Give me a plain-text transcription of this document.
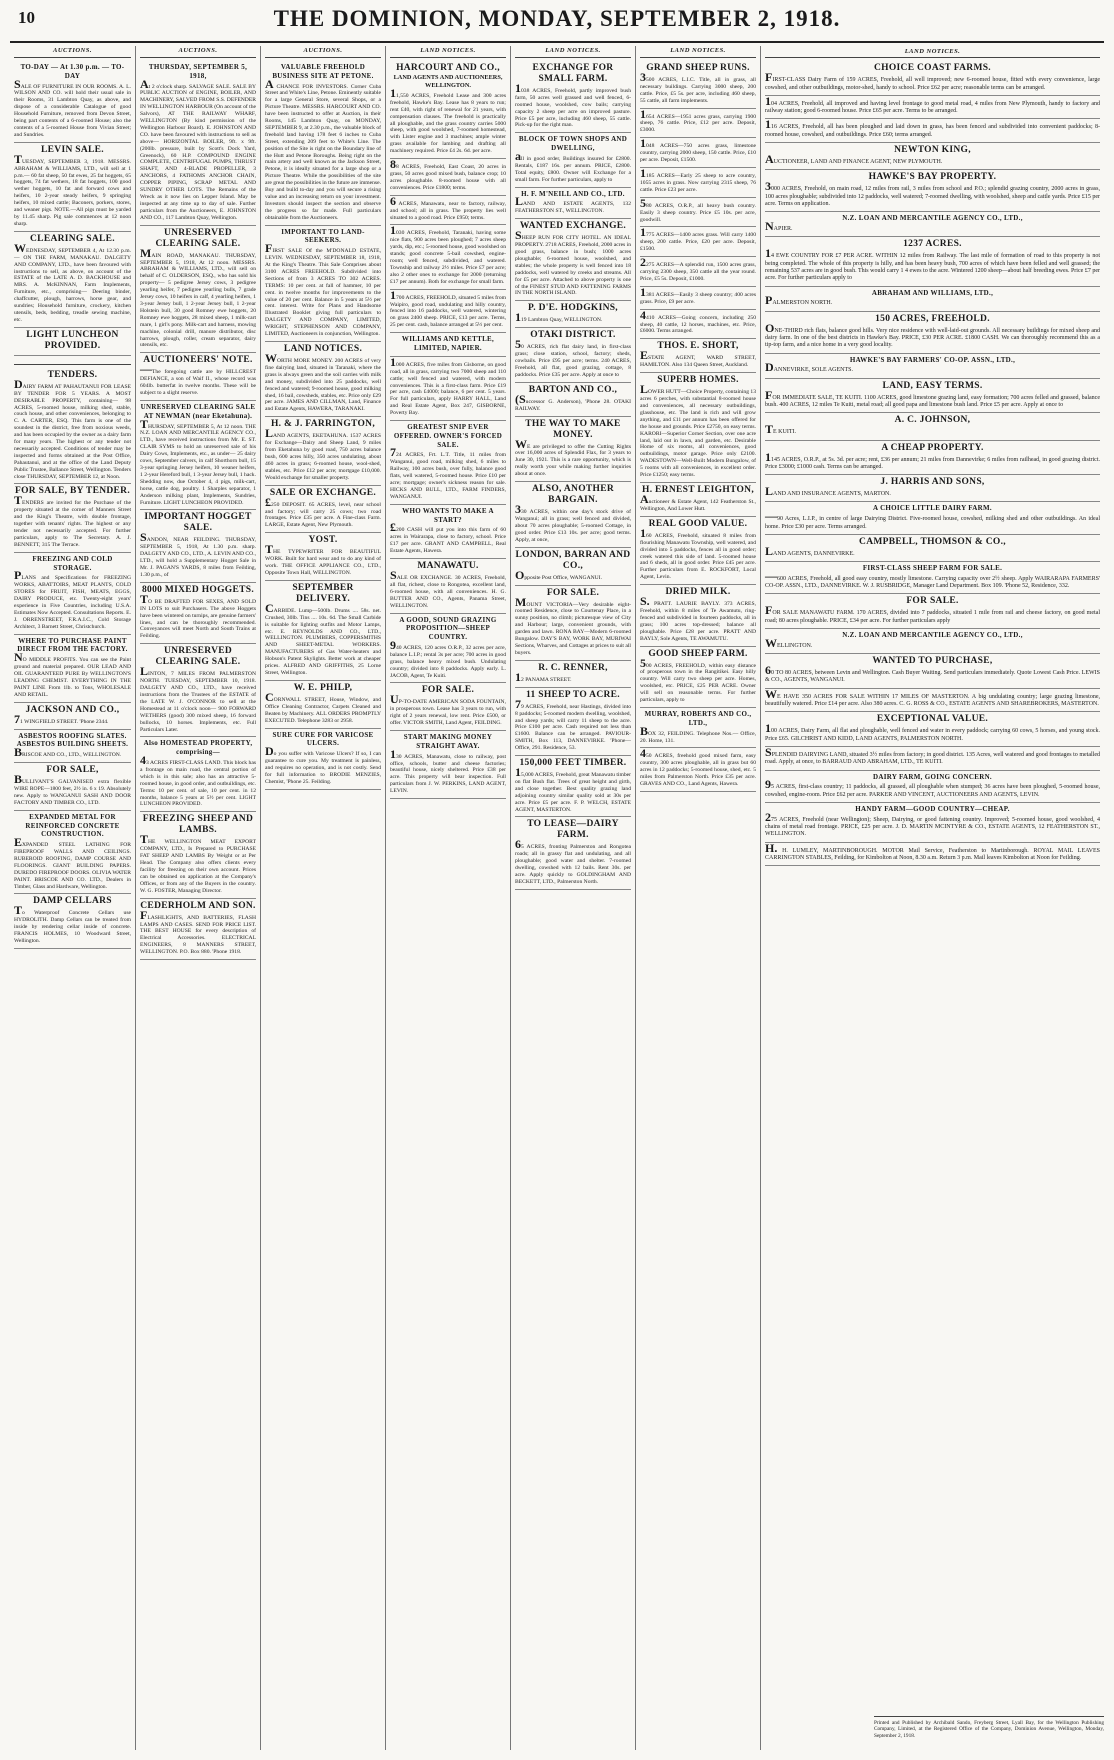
10	THE DOMINION, MONDAY, SEPTEMBER 2, 1918.
AUCTIONS.
TO-DAY — At 1.30 p.m. — TO-DAY
SALE OF FURNITURE IN OUR ROOMS. A. L. WILSON AND CO. will hold their usual sale in their Rooms, 31 Lambton Quay, as above, and dispose of a considerable Catalogue of good Household Furniture, removed from Devon Street, being part contents of a 6-roomed House; also the contents of a 5-roomed House from Vivian Street; and Sundries.
LEVIN SALE.
TUESDAY, SEPTEMBER 3, 1918. MESSRS. ABRAHAM & WILLIAMS, LTD., will sell at 1 p.m.— 60 fat sheep, 50 fat ewes, 25 fat hoggets, 65 hoggets, 74 fat wethers, 18 fat hoggets, 100 good wether hoggets, 10 fat and forward cows and heifers, 10 2-year steady heifers, 9 springing heifers, 10 mixed cattle; Baconers, porkers, stores, and weaner pigs. NOTE.—All pigs must be yarded by 11.45 sharp. Pig sale commences at 12 noon sharp.
CLEARING SALE.
WEDNESDAY, SEPTEMBER 4, At 12.30 p.m. — ON THE FARM, MANAKAU. DALGETY AND COMPANY, LTD., have been favoured with instructions to sell, as above, on account of the ESTATE of the LATE A. D. BACKHOUSE and MRS. A. McKINNAN, Farm Implements, Furniture, etc., comprising— Deering binder, chaffcutter, plough, harrows, horse gear, and sundries; Household furniture, crockery, kitchen utensils, beds, bedding, treadle sewing machine, etc.
LIGHT LUNCHEON PROVIDED.
TENDERS.
DAIRY FARM AT PAHAUTANUI FOR LEASE BY TENDER FOR 5 YEARS. A MOST DESIRABLE PROPERTY, containing— 98 ACRES, 5-roomed house, milking shed, stable, couch house, and other conveniences, belonging to C. A. CARTER, ESQ. This farm is one of the soundest in the district, free from noxious weeds, and has been occupied by the owner as a dairy farm for many years. The highest or any tender not necessarily accepted. Conditions of tender may be inspected and forms obtained at the Post Office, Pahautanui, and at the office of the Land Deputy Public Trustee, Ballance Street, Wellington. Tenders close THURSDAY, SEPTEMBER 12, at Noon.
FOR SALE, BY TENDER.
TENDERS are invited for the Purchase of the property situated at the corner of Manners Street and the King's Theatre, with double frontage, together with tenants' rights. The highest or any tender not necessarily accepted. For further particulars, apply to The Secretary. A. J. BENNETT, 315 The Terrace.
FREEZING AND COLD STORAGE.
PLANS and Specifications for FREEZING WORKS, ABATTOIRS, MEAT PLANTS, COLD STORES for FRUIT, FISH, MEATS, EGGS, DAIRY PRODUCE, etc. Twenty-eight years' experience in Five Countries, including U.S.A. Estimates Now Accepted. Consultations Reports. E. J. ORRENSTREET, F.R.A.I.C., Cold Storage Architect, 3 Barnett Street, Christchurch.
WHERE TO PURCHASE PAINT DIRECT FROM THE FACTORY.
NO MIDDLE PROFITS. You can see the Paint ground and material prepared. OUR LEAD AND OIL GUARANTEED PURE By WELLINGTON'S LEADING CHEMIST. EVERYTHING IN THE PAINT LINE From 1lb. to Tons, WHOLESALE AND RETAIL.
JACKSON AND CO.,
71 WINGFIELD STREET. 'Phone 2344.
ASBESTOS ROOFING SLATES. ASBESTOS BUILDING SHEETS.
BRISCOE AND CO., LTD., WELLINGTON.
FOR SALE,
BULLIVANT'S GALVANISED extra flexible WIRE ROPE—1800 feet, 2½ in. 6 x 19. Absolutely new. Apply to WANGANUI SASH AND DOOR FACTORY AND TIMBER CO., LTD.
EXPANDED METAL FOR REINFORCED CONCRETE CONSTRUCTION.
EXPANDED STEEL LATHING FOR FIREPROOF WALLS AND CEILINGS. RUBEROID ROOFING, DAMP COURSE AND FLOORINGS. GIANT BUILDING PAPERS. DUREDO FIREPROOF DOORS. OLIVIA WATER PAINT. BRISCOE AND CO. LTD., Dealers in Timber, Glass and Hardware, Wellington.
DAMP CELLARS
To Waterproof Concrete Cellars use HYDROLITH. Damp Cellars can be treated from inside by rendering cellar inside of concrete. FRANCIS HOLMES, 10 Woodward Street, Wellington.
AUCTIONS.
THURSDAY, SEPTEMBER 5, 1918,
At 2 o'clock sharp. SALVAGE SALE. SALE BY PUBLIC AUCTION of ENGINE, BOILER, AND MACHINERY, SALVED FROM S.S. DEFENDER IN WELLINGTON HARBOUR (On account of the Salvors), AT THE RAILWAY WHARF, WELLINGTON (By kind permission of the Wellington Harbour Board). E. JOHNSTON AND CO. have been favoured with instructions to sell as above— HORIZONTAL BOILER, 9ft. x 9ft. (200lb. pressure, built by Scott's Dock Yard, Greenock), 60 H.P. COMPOUND ENGINE COMPLETE, CENTRIFUGAL PUMPS, THRUST SHAFT, AND 4-BLADE PROPELLER, 3 ANCHORS, 4 FATHOMS ANCHOR CHAIN, COPPER PIPING, SCRAP METAL AND SUNDRY OTHER LOTS. The Remains of the Wreck as it now lies on Lepper Island. May be inspected at any time up to day of sale. Further particulars from the Auctioneers, E. JOHNSTON AND CO., 117 Lambton Quay, Wellington.
UNRESERVED CLEARING SALE.
MAIN ROAD, MANAKAU. THURSDAY, SEPTEMBER 5, 1918, At 12 noon. MESSRS. ABRAHAM & WILLIAMS, LTD., will sell on behalf of C. OLDERSON, ESQ., who has sold his property— 5 pedigree Jersey cows, 3 pedigree yearling heifer, 7 pedigree yearling bulls, 7 grade Jersey cows, 10 heifers in calf, 4 yearling heifers, 1 3-year Jersey bull, 1 2-year Jersey bull, 1 2-year Holstein bull, 30 good Romney ewe hoggets, 20 Romney ewe hoggets, 28 mixed sheep, 1 milk-cart mare, 1 girl's pony. Milk-cart and harness, mowing machine, colonial drill, manure distributor, disc harrows, plough, roller, cream separator, dairy utensils, etc.
AUCTIONEERS' NOTE.
—The foregoing cattle are by HILLCREST DEFIANCE, a son of Waif II., whose record was 604lb. butterfat in twelve months. These will be subject to a slight reserve.
UNRESERVED CLEARING SALE AT NEWMAN (near Eketahuna).
THURSDAY, SEPTEMBER 5, At 12 noon. THE N.Z. LOAN AND MERCANTILE AGENCY CO., LTD., have received instructions from Mr. E. ST. CLAIR SYMS to hold an unreserved sale of his Dairy Cows, Implements, etc., as under— 25 dairy cows, September calvers, in calf Shorthorn bull, 15 3-year springing Jersey heifers, 10 weaner heifers, 1 2-year Hereford bull, 1 3-year Jersey bull, 1 hack. Shedding now, due October 4, 4 pigs, milk-cart, horse, cattle dog, poultry. 1 Sharples separator, 1 Anderson milking plant, Implements, Sundries, Furniture. LIGHT LUNCHEON PROVIDED.
IMPORTANT HOGGET SALE.
SANDON, NEAR FEILDING. THURSDAY, SEPTEMBER 5, 1918, At 1.30 p.m. sharp. DALGETY AND CO., LTD., A. LEVIN AND CO., LTD., will hold a Supplementary Hogget Sale in Mr. J. PAGAN'S YARDS, 8 miles from Feilding, 1.30 p.m., of
8000 MIXED HOGGETS.
TO BE DRAFTED FOR SEXES, AND SOLD IN LOTS to suit Purchasers. The above Hoggets have been wintered on turnips, are genuine farmers' lines, and can be thoroughly recommended. Conveyances will meet North and South Trains at Feilding.
UNRESERVED CLEARING SALE.
LINTON, 7 MILES FROM PALMERSTON NORTH. TUESDAY, SEPTEMBER 10, 1918. DALGETY AND CO., LTD., have received instructions from the Trustees of the ESTATE of the LATE W. J. O'CONNOR to sell at the Homestead at 11 o'clock noon— 900 FORWARD WETHERS (good) 300 mixed sheep, 16 forward bullocks, 10 horses. Implements, etc. Full Particulars Later.
Also HOMESTEAD PROPERTY, comprising—
43 ACRES FIRST-CLASS LAND. This block has a frontage on main road, the central portion of which is in this sale; also has an attractive 5-roomed house, in good order, and outbuildings, etc. Terms: 10 per cent. of sale, 10 per cent. in 12 months, balance 5 years at 5½ per cent. LIGHT LUNCHEON PROVIDED.
FREEZING SHEEP AND LAMBS.
THE WELLINGTON MEAT EXPORT COMPANY, LTD., Is Prepared to PURCHASE FAT SHEEP AND LAMBS By Weight or at Per Head. The Company also offers clients every facility for freezing on their own account. Prices can be obtained on application at the Company's Offices, or from any of the Buyers in the country. W. G. FOSTER, Managing Director.
CEDERHOLM AND SON.
FLASHLIGHTS, AND BATTERIES, FLASH LAMPS AND CASES. SEND FOR PRICE LIST. THE BEST HOUSE for every description of Electrical Accessories. ELECTRICAL ENGINEERS, 8 MANNERS STREET, WELLINGTON. P.O. Box 880. 'Phone 1918.
AUCTIONS.
VALUABLE FREEHOLD BUSINESS SITE AT PETONE.
A CHANCE FOR INVESTORS. Corner Cuba Street and White's Line, Petone. Eminently suitable for a large General Store, several Shops, or a Picture Theatre. MESSRS. HARCOURT AND CO. have been instructed to offer at Auction, in their Rooms, 145 Lambton Quay, on MONDAY, SEPTEMBER 9, at 2.30 p.m., the valuable block of freehold land having 178 feet 6 inches to Cuba Street, extending 209 feet to White's Line. The position of the Site is right on the Boundary line of the Hutt and Petone Boroughs. Being right on the main artery and well known as the Jackson Street, Petone, it is ideally situated for a large shop or a Picture Theatre. While the possibilities of the site are great the possibilities in the future are immense. Buy and build to-day and you will secure a rising value and an increasing return on your investment. Investors should inspect the section and observe the progress so far made. Full particulars obtainable from the Auctioneers.
IMPORTANT TO LAND-SEEKERS.
FIRST SALE Of the M'DONALD ESTATE, LEVIN. WEDNESDAY, SEPTEMBER 18, 1918, At the King's Theatre. This Sale Comprises about 3100 ACRES FREEHOLD. Subdivided into Sections of from 3 ACRES TO 302 ACRES. TERMS: 10 per cent. at fall of hammer, 10 per cent. in twelve months for improvements to the value of 20 per cent. Balance in 5 years at 5½ per cent. interest. Write for Plans and Handsome Illustrated Booklet giving full particulars to DALGETY AND COMPANY, LIMITED, WRIGHT, STEPHENSON AND COMPANY, LIMITED, Auctioneers in conjunction, Wellington.
LAND NOTICES.
WORTH MORE MONEY. 200 ACRES of very fine dairying land, situated in Taranaki, where the grass is always green and the soil carries with milk and money, subdivided into 25 paddocks, well fenced and watered; 9-roomed house, good milking shed, 16 bail, cowsheds, stables, etc. Price only £29 per acre. JAMES AND CILLMAN, Land, Finance and Estate Agents, HAWERA, TARANAKI.
H. & J. FARRINGTON,
LAND AGENTS, EKETAHUNA. 1537 ACRES for Exchange—Dairy and Sheep Land, 9 miles from Eketahuna by good road, 750 acres balance bush, 600 acres hilly, 350 acres undulating, about 460 acres in grass; 6-roomed house, wool-shed, stables, etc. Price £12 per acre; mortgage £10,000. Would exchange for smaller property.
SALE OR EXCHANGE.
£250 DEPOSIT. 65 ACRES, level, near school and factory; will carry 25 cows; two road frontages. Price £35 per acre. A Fine-class Farm. LARGE, Estate Agent, New Plymouth.
YOST.
THE TYPEWRITER FOR BEAUTIFUL WORK. Built for hard wear and to do any kind of work. THE OFFICE APPLIANCE CO., LTD., Opposite Town Hall, WELLINGTON.
SEPTEMBER DELIVERY.
CARBIDE. Lump—500lb. Drums .... 58s. net. Crushed, 30lb. Tins .... 10s. 6d. The Small Carbide is suitable for lighting outfits and Motor Lamps, etc. E. REYNOLDS AND CO., LTD., WELLINGTON. PLUMBERS, COPPERSMITHS AND SHEET-METAL WORKERS. MANUFACTURERS of Gas Water-heaters and Hobson's Patent Skylights. Better work at cheaper prices. ALFRED AND GRIFFITHS, 25 Lorne Street, Wellington.
W. E. PHILP,
CORNWALL STREET, House, Window, and Office Cleaning Contractor, Carpets Cleaned and Beaten by Machinery. ALL ORDERS PROMPTLY EXECUTED. Telephone 3283 or 2958.
SURE CURE FOR VARICOSE ULCERS.
Do you suffer with Varicose Ulcers? If so, I can guarantee to cure you. My treatment is painless, and requires no operation, and is not costly. Send for full information to BRODIE MENZIES, Chemist, 'Phone 25. Feilding.
LAND NOTICES.
HARCOURT AND CO.,
LAND AGENTS AND AUCTIONEERS, WELLINGTON.
11,550 ACRES, Freehold Lease and 300 acres freehold, Hawke's Bay. Lease has 8 years to run; rent £40, with right of renewal for 21 years, with compensation clauses. The freehold is practically all ploughable, and the grass country carries 5000 sheep, with good woolshed, 7-roomed homestead, with Lister engine and 3 machines; ample winter grass available for lambing and drafting all machinery required. Price £4 2s. 6d. per acre.
88 ACRES, Freehold, East Coast, 20 acres in grass, 50 acres good mixed bush, balance crop; 10 acres ploughable. 8-roomed house with all conveniences. Price £1800; terms.
6 ACRES, Manawatu, near to factory, railway, and school; all in grass. The property lies well situated to a good road. Price £950; terms.
1030 ACRES, Freehold, Taranaki, having some nice flats, 900 acres been ploughed; 7 acres sheep yards, dip, etc.; 5-roomed house, good woolshed on stands; good concrete 5-bail cowshed, engine-room; well fenced, subdivided, and watered. Township and railway 2½ miles. Price £7 per acre; also 2 other ones to exchange for 2000 (returning £17 per annum). Both for exchange for small farm.
1700 ACRES, FREEHOLD, situated 5 miles from Waipiro, good road, undulating and hilly country, fenced into 16 paddocks, well watered, wintering on grass 2400 sheep. PRICE, £13 per acre. Terms, 25 per cent. cash, balance arranged at 5½ per cent.
WILLIAMS AND KETTLE, LIMITED, NAPIER.
1000 ACRES, five miles from Gisborne, on good road, all in grass, carrying two 7000 sheep and 110 cattle; well fenced and watered, with modern conveniences. This is a first-class farm. Price £19 per acre, cash £4000; balance, 6 per cent. 5 years. For full particulars, apply HARRY HALL, Land and Real Estate Agent, Box 247, GISBORNE, Poverty Bay.
GREATEST SNIP EVER OFFERED. OWNER'S FORCED SALE.
724 ACRES, Frt. L.T. Title, 11 miles from Wanganui, good road, milking shed, 6 miles to Railway, 100 acres bush, over fully, balance good flats, well watered, 5-roomed house. Price £10 per acre; mortgage; owner's sickness reason for sale. HICKS AND BULL, LTD., FARM FINDERS, WANGANUI.
WHO WANTS TO MAKE A START?
£200 CASH will put you into this farm of 60 acres in Wairarapa, close to factory, school. Price £17 per acre. GRANT AND CAMPBELL, Real Estate Agents, Hawera.
MANAWATU.
SALE OR EXCHANGE. 30 ACRES, Freehold, all flat, richest, close to Rongotea, excellent land, 6-roomed house, with all conveniences. H. G. BUTTER AND CO., Agents, Panama Street, WELLINGTON.
A GOOD, SOUND GRAZING PROPOSITION—SHEEP COUNTRY.
940 ACRES, 120 acres O.R.P., 32 acres per acre, balance L.I.P.; rental 3s per acre; 700 acres in good grass, balance heavy mixed bush. Undulating country; divided into 8 paddocks. Apply early. L. JACOB, Agent, Te Kuiti.
FOR SALE.
UP-TO-DATE AMERICAN SODA FOUNTAIN, in prosperous town. Lease has 3 years to run, with right of 2 years renewal, low rent. Price £500, or offer. VICTOR SMITH, Land Agent, FEILDING.
START MAKING MONEY STRAIGHT AWAY.
130 ACRES, Manawatu, close to railway, post office, schools, butter and cheese factories; beautiful house, nicely sheltered. Price £38 per acre. This property will bear inspection. Full particulars from J. W. PERKINS, LAND AGENT, LEVIN.
LAND NOTICES.
EXCHANGE FOR SMALL FARM.
1038 ACRES, Freehold, partly improved bush farm, 50 acres well grassed and well fenced, 6-roomed house, woolshed, cow bails; carrying capacity 2 sheep per acre on improved pasture. Price £5 per acre, including 460 sheep, 55 cattle. Pick-up for the right man.
BLOCK OF TOWN SHOPS AND DWELLING,
all in good order, Buildings insured for £2800. Rentals, £187 16s. per annum. PRICE, £2800. Total equity, £800. Owner will Exchange for a small farm. For further particulars, apply to
H. F. M'NEILL AND CO., LTD.
LAND AND ESTATE AGENTS, 132 FEATHERSTON ST., WELLINGTON.
WANTED EXCHANGE.
SHEEP RUN FOR CITY HOTEL. AN IDEAL PROPERTY. 2718 ACRES, Freehold, 2000 acres in good grass, balance in bush; 1000 acres ploughable; 6-roomed house, woolshed, and stables; the whole property is well fenced into 18 paddocks, well watered by creeks and streams. All for £5 per acre. Attached to above property is one of the FINEST STUD AND FATTENING FARMS IN THE NORTH ISLAND.
P. D'E. HODGKINS,
119 Lambton Quay, WELLINGTON.
OTAKI DISTRICT.
50 ACRES, rich flat dairy land, in first-class grass; close station, school, factory; sheds, cowbails. Price £95 per acre; terms. 240 ACRES, Freehold, all flat, good grazing, cottage, 8 paddocks. Price £35 per acre. Apply at once to
BARTON AND CO.,
(Successor G. Anderson), 'Phone 28. OTAKI RAILWAY.
THE WAY TO MAKE MONEY.
WE are privileged to offer the Cutting Rights over 16,000 acres of Splendid Flax, for 3 years to June 30, 1921. This is a rare opportunity, which is really worth your while making further inquiries about at once.
ALSO, ANOTHER BARGAIN.
330 ACRES, within one day's stock drive of Wanganui; all in grass; well fenced and divided, about 70 acres ploughable; 5-roomed Cottage, in good order. Price £13 10s. per acre; good terms. Apply, at once,
LONDON, BARRAN AND CO.,
Opposite Post Office, WANGANUI.
FOR SALE.
MOUNT VICTORIA—Very desirable eight-roomed Residence, close to Courtenay Place, in a sunny position, no climb; picturesque view of City and Harbour; large, convenient grounds, with garden and lawn. RONA BAY—Modern 6-roomed Bungalow. DAY'S BAY, WORK BAY, MURIWAI Sections, Wharves, and Cottages at prices to suit all buyers.
R. C. RENNER,
12 PANAMA STREET.
11 SHEEP TO ACRE.
79 ACRES, Freehold, near Hastings, divided into 8 paddocks; 5-roomed modern dwelling, woolshed, and sheep yards; will carry 11 sheep to the acre. Price £100 per acre. Cash required not less than £1600. Balance can be arranged. PAVIOUR-SMITH, Box 113, DANNEVIRKE. 'Phone—Office, 291. Residence, 53.
150,000 FEET TIMBER.
15,000 ACRES, Freehold, great Manawatu timber on flat Bush flat. Trees of great height and girth, and close together. Best quality grazing land adjoining country similar quality sold at 30s per acre. Price £5 per acre. F. P. WELCH, ESTATE AGENT, MASTERTON.
TO LEASE—DAIRY FARM.
65 ACRES, fronting Palmerston and Rongotea roads; all in grassy flat and undulating, and all ploughable; good water and shelter. 7-roomed dwelling, cowshed with 12 bails. Rent 30s. per acre. Apply quickly to GOLDINGHAM AND BECKETT, LTD., Palmerston North.
LAND NOTICES.
GRAND SHEEP RUNS.
3500 ACRES, L.I.C. Title, all in grass, all necessary buildings. Carrying 3000 sheep, 200 cattle. Price, £5 5s. per acre, including 460 sheep, 55 cattle, all farm implements.
1654 ACRES—1951 acres grass, carrying 1900 sheep, 76 cattle. Price, £12 per acre. Deposit, £3000.
1048 ACRES—750 acres grass, limestone country, carrying 2000 sheep, 150 cattle. Price, £10 per acre. Deposit, £1500.
1185 ACRES—Early 25 sheep to acre country, 1055 acres in grass. Now carrying 2315 sheep, 76 cattle. Price £23 per acre.
580 ACRES, O.R.P., all heavy bush country. Easily 3 sheep country. Price £5 10s. per acre, goodwill.
1775 ACRES—1400 acres grass. Will carry 1400 sheep, 200 cattle. Price, £20 per acre. Deposit, £1500.
2275 ACRES—A splendid run, 1500 acres grass, carrying 2300 sheep, 350 cattle all the year round. Price, £5 5s. Deposit, £1000.
1381 ACRES—Easily 3 sheep country; 400 acres grass. Price, £9 per acre.
4410 ACRES—Going concern, including 250 sheep, 40 cattle, 12 horses, machines, etc. Price, £6000. Terms arranged.
THOS. E. SHORT,
ESTATE AGENT, WARD STREET, HAMILTON. Also 134 Queen Street, Auckland.
SUPERB HOMES.
LOWER HUTT—Choice Property, containing 13 acres 6 perches, with substantial 8-roomed house and conveniences, all necessary outbuildings, glasshouse, etc. The land is rich and will grow anything, and £11 per annum has been offered for the house and grounds. Price £2750, on easy terms. KARORI—Superior Corner Section, over one acre land, laid out in lawn, and garden, etc. Desirable Home of six rooms, all conveniences, good outbuildings, motor garage. Price only £2100. WADESTOWN—Well-Built Modern Bungalow, of 5 rooms with all conveniences, in excellent order. Price £1250; easy terms.
H. ERNEST LEIGHTON,
Auctioneer & Estate Agent, 142 Featherston St., Wellington, And Lower Hutt.
REAL GOOD VALUE.
160 ACRES, Freehold, situated 8 miles from flourishing Manawatu Township, well watered, and divided into 5 paddocks, fences all in good order; creek watered this side of land. 5-roomed house and 6 sheds, all in good order. Price £45 per acre. Further particulars from E. ROCKFORT, Local Agent, Levin.
DRIED MILK.
S. PRATT. LAURIE BAYLY. 373 ACRES, Freehold, within 8 miles of Te Awamutu, ring-fenced and subdivided in fourteen paddocks, all in grass; 100 acres top-dressed; balance all ploughable. Price £28 per acre. PRATT AND BAYLY, Sole Agents, TE AWAMUTU.
GOOD SHEEP FARM.
500 ACRES, FREEHOLD, within easy distance of prosperous town in the Rangitikei. Easy hilly country. Will carry two sheep per acre. Homes, woolshed, etc. PRICE, £25 PER ACRE. Owner will sell on reasonable terms. For further particulars, apply to
MURRAY, ROBERTS AND CO., LTD.,
BOX 32, FEILDING. Telephone Nos.— Office, 20. Home, 131.
450 ACRES, freehold good mixed farm, easy country, 300 acres ploughable, all in grass but 60 acres in 12 paddocks; 5-roomed house, shed, etc. 5 miles from Palmerston North. Price £35 per acre. GRAVES AND CO., Land Agents, Hawera.
LAND NOTICES.
CHOICE COAST FARMS.
FIRST-CLASS Dairy Farm of 159 ACRES, Freehold, all well improved; new 6-roomed house, fitted with every convenience, large cowshed, and other outbuildings, motor-shed, handy to school. Price £62 per acre; reasonable terms can be arranged.
104 ACRES, Freehold, all improved and having level frontage to good metal road, 4 miles from New Plymouth, handy to factory and railway station; good 6-roomed house. Price £65 per acre. Terms to be arranged.
116 ACRES, Freehold, all has been ploughed and laid down in grass, has been fenced and subdivided into convenient paddocks; 8-roomed house, cowshed, and outbuildings. Price £60; terms arranged.
NEWTON KING,
AUCTIONEER, LAND AND FINANCE AGENT, NEW PLYMOUTH.
HAWKE'S BAY PROPERTY.
3000 ACRES, Freehold, on main road, 12 miles from rail, 3 miles from school and P.O.; splendid grazing country, 2000 acres in grass, 100 acres ploughable; subdivided into 12 paddocks, well watered; 7-roomed dwelling, with woolshed, sheep and cattle yards. Price £15 per acre. Terms on application.
N.Z. LOAN AND MERCANTILE AGENCY CO., LTD.,
NAPIER.
1237 ACRES.
14 EWE COUNTRY FOR £7 PER ACRE. WITHIN 12 miles from Railway. The last mile of formation of road to this property is not being completed. The whole of this property is hilly, and has been heavy bush, 700 acres of which have been felled and well grassed; the remaining 537 acres are in good bush. This would carry 1 4 ewes to the acre. Wintered 1200 sheep—about half breeding ewes. Price £7 per acre. For further particulars apply to
ABRAHAM AND WILLIAMS, LTD.,
PALMERSTON NORTH.
150 ACRES, FREEHOLD.
ONE-THIRD rich flats, balance good hills. Very nice residence with well-laid-out grounds. All necessary buildings for mixed sheep and dairy farm. In one of the best districts in Hawke's Bay. PRICE, £30 PER ACRE. £1800 CASH. We can thoroughly recommend this as a tip-top farm, and a nice home in a very good locality.
HAWKE'S BAY FARMERS' CO-OP. ASSN., LTD.,
DANNEVIRKE, SOLE AGENTS.
LAND, EASY TERMS.
FOR IMMEDIATE SALE, TE KUITI. 1100 ACRES, good limestone grazing land, easy formation; 700 acres felled and grassed, balance bush. 400 ACRES, 12 miles Te Kuiti, metal road; all good papa and limestone bush land. Price £5 per acre. Apply at once to
A. C. JOHNSON,
TE KUITI.
A CHEAP PROPERTY.
1145 ACRES, O.R.P., at 5s. 3d. per acre; rent, £36 per annum; 21 miles from Dannevirke; 6 miles from railhead, in good grazing district. Price £3000; £1000 cash. Terms can be arranged.
J. HARRIS AND SONS,
LAND AND INSURANCE AGENTS, MARTON.
A CHOICE LITTLE DAIRY FARM.
—90 Acres, L.I.P., in centre of large Dairying District. Five-roomed house, cowshed, milking shed and other outbuildings. An ideal home. Price £30 per acre. Terms arranged.
CAMPBELL, THOMSON & CO.,
LAND AGENTS, DANNEVIRKE.
FIRST-CLASS SHEEP FARM FOR SALE.
—600 ACRES, Freehold, all good easy country, mostly limestone. Carrying capacity over 2½ sheep. Apply WAIRARAPA FARMERS' CO-OP. ASSN., LTD., DANNEVIRKE. W. J. RUSBRIDGE, Manager Land Department. Box 109. 'Phone 52, Residence, 332.
FOR SALE.
FOR SALE MANAWATU FARM. 170 ACRES, divided into 7 paddocks, situated 1 mile from rail and cheese factory, on good metal road; 80 acres ploughable. PRICE, £34 per acre. For further particulars apply
N.Z. LOAN AND MERCANTILE AGENCY CO., LTD.,
WELLINGTON.
WANTED TO PURCHASE,
60 TO 80 ACRES, between Levin and Wellington. Cash Buyer Waiting. Send particulars immediately. Quote Lowest Cash Price. LEWIS & CO., AGENTS, WANGANUI.
WE HAVE 350 ACRES FOR SALE WITHIN 17 MILES OF MASTERTON. A big undulating country; large grazing limestone, beautifully watered. Price £14 per acre. Also 380 acres. C. G. ROSS & CO., ESTATE AGENTS AND SHAREBROKERS, MASTERTON.
EXCEPTIONAL VALUE.
100 ACRES, Dairy Farm, all flat and ploughable, well fenced and water in every paddock; carrying 60 cows, 5 horses, and young stock. Price £65. GILCHRIST AND KIDD, LAND AGENTS, PALMERSTON NORTH.
SPLENDID DAIRYING LAND, situated 3½ miles from factory; in good district. 135 Acres, well watered and good frontages to metalled road. Apply, at once, to BARRAUD AND ABRAHAM, LTD., TE KUITI.
DAIRY FARM, GOING CONCERN.
95 ACRES, first-class country; 11 paddocks, all grassed, all ploughable when stumped; 36 acres have been ploughed, 5-roomed house, cowshed, engine-room. Price £62 per acre. PARKER AND VINCENT, AUCTIONEERS AND AGENTS, LEVIN.
HANDY FARM—GOOD COUNTRY—CHEAP.
275 ACRES, Freehold (near Wellington); Sheep, Dairying, or good fattening country. Improved; 5-roomed house, good woolshed, 4 chains of metal road frontage. PRICE, £25 per acre. J. D. MARTIN MCINTYRE & CO., ESTATE AGENTS, 12 FEATHERSTON ST., WELLINGTON.
H. H. LUMLEY, MARTINBOROUGH. MOTOR Mail Service, Featherston to Martinborough. ROYAL MAIL LEAVES CARRINGTON STABLES, Feilding, for Kimbolton at Noon, 8.30 a.m. Return 3 p.m. Mail leaves Kimbolton at Noon for Feilding.
Printed and Published by Archibald Sando, Freyberg Street, Lyall Bay, for the Wellington Publishing Company, Limited, at the Registered Office of the Company, Dominion Avenue, Wellington, Monday, September 2, 1918.
